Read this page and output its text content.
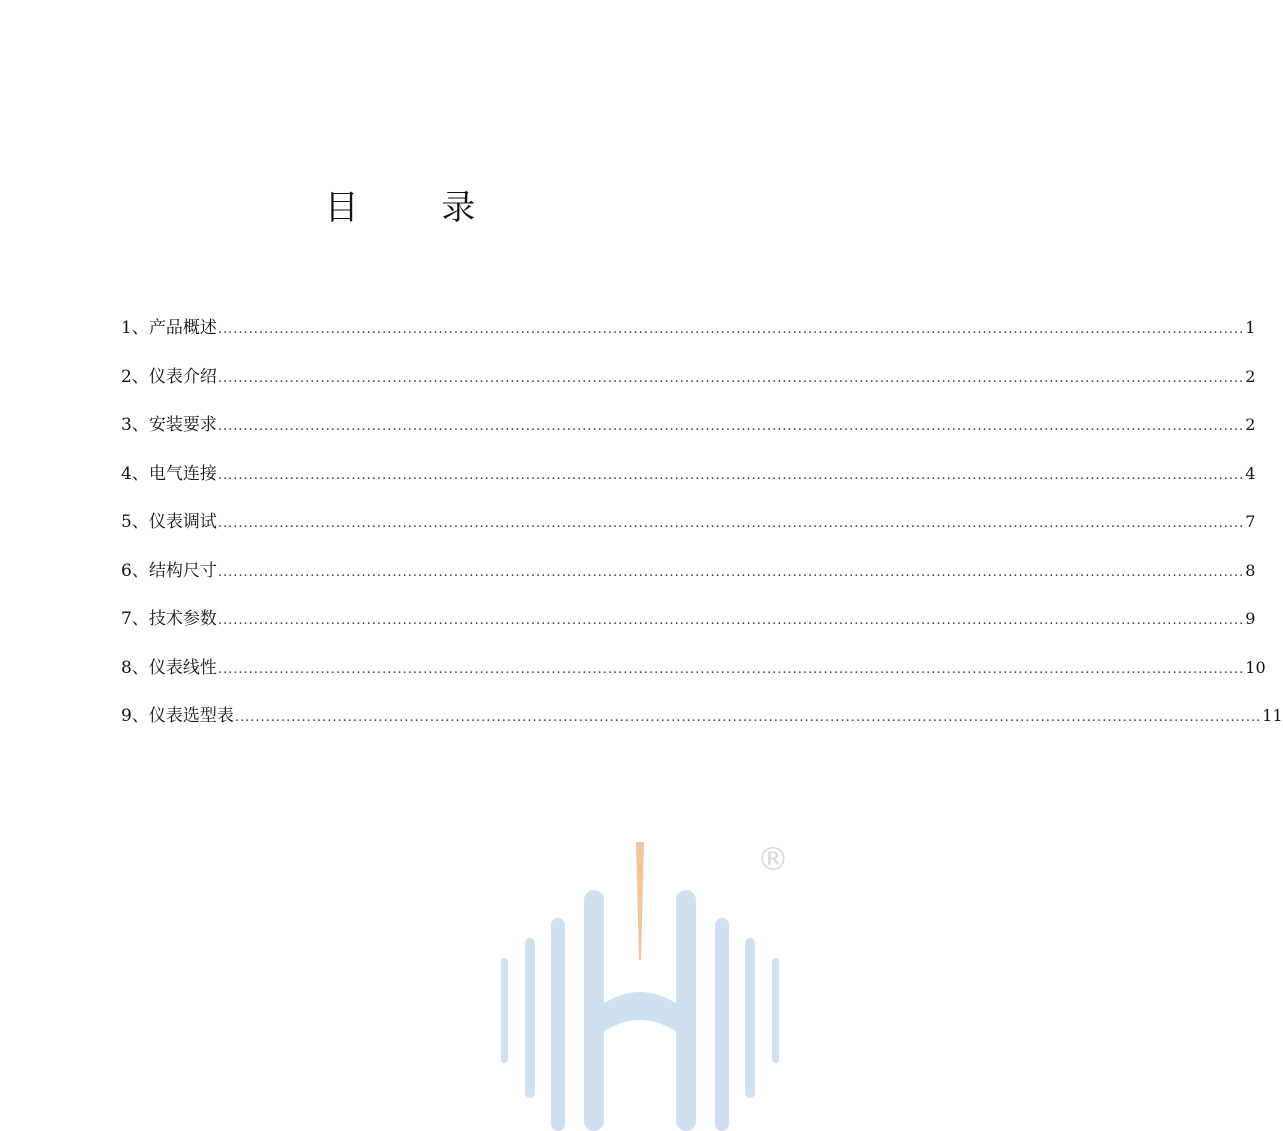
目 录
1、产品概述 ........................................................................................................................................................................................................ 1
2、仪表介绍 ........................................................................................................................................................................................................ 2
3、安装要求 ........................................................................................................................................................................................................ 2
4、电气连接 ........................................................................................................................................................................................................ 4
5、仪表调试 ........................................................................................................................................................................................................ 7
6、结构尺寸 ........................................................................................................................................................................................................ 8
7、技术参数 ........................................................................................................................................................................................................ 9
8、仪表线性 ........................................................................................................................................................................................................ 10
9、仪表选型表 ........................................................................................................................................................................................................ 11
®
